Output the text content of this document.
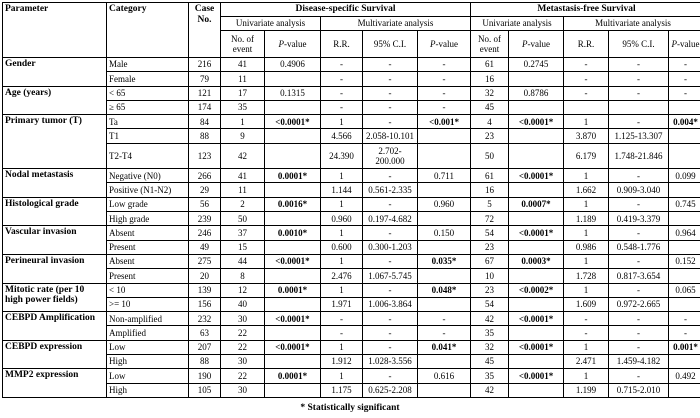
Parameter	Category	Case No.	Disease-specific Survival					Metastasis-free Survival				
			Univariate analysis		Multivariate analysis			Univariate analysis		Multivariate analysis		
			No. of event	P-value	R.R.	95% C.I.	P-value	No. of event	P-value	R.R.	95% C.I.	P-value
Gender	Male	216	41	0.4906	-	-	-	61	0.2745	-	-	-
	Female	79	11		-	-	-	16		-	-	-
Age (years)	< 65	121	17	0.1315	-	-	-	32	0.8786	-	-	-
	≥ 65	174	35		-	-	-	45				
Primary tumor (T)	Ta	84	1	<0.0001*	1	-	<0.001*	4	<0.0001*	1	-	0.004*
	T1	88	9		4.566	2.058-10.101		23		3.870	1.125-13.307	
	T2-T4	123	42		24.390	2.702-200.000		50		6.179	1.748-21.846	
Nodal metastasis	Negative (N0)	266	41	0.0001*	1	-	0.711	61	<0.0001*	1	-	0.099
	Positive (N1-N2)	29	11		1.144	0.561-2.335		16		1.662	0.909-3.040	
Histological grade	Low grade	56	2	0.0016*	1	-	0.960	5	0.0007*	1	-	0.745
	High grade	239	50		0.960	0.197-4.682		72		1.189	0.419-3.379	
Vascular invasion	Absent	246	37	0.0010*	1	-	0.150	54	<0.0001*	1	-	0.964
	Present	49	15		0.600	0.300-1.203		23		0.986	0.548-1.776	
Perineural invasion	Absent	275	44	<0.0001*	1	-	0.035*	67	0.0003*	1	-	0.152
	Present	20	8		2.476	1.067-5.745		10		1.728	0.817-3.654	
Mitotic rate (per 10 high power fields)	< 10	139	12	0.0001*	1	-	0.048*	23	<0.0002*	1	-	0.065
	>= 10	156	40		1.971	1.006-3.864		54		1.609	0.972-2.665	
CEBPD Amplification	Non-amplified	232	30	<0.0001*	-	-	-	42	<0.0001*	-	-	-
	Amplified	63	22		-	-	-	35		-	-	-
CEBPD expression	Low	207	22	<0.0001*	1	-	0.041*	32	<0.0001*	1	-	0.001*
	High	88	30		1.912	1.028-3.556		45		2.471	1.459-4.182	
MMP2 expression	Low	190	22	0.0001*	1	-	0.616	35	<0.0001*	1	-	0.492
	High	105	30		1.175	0.625-2.208		42		1.199	0.715-2.010	
* Statistically significant
